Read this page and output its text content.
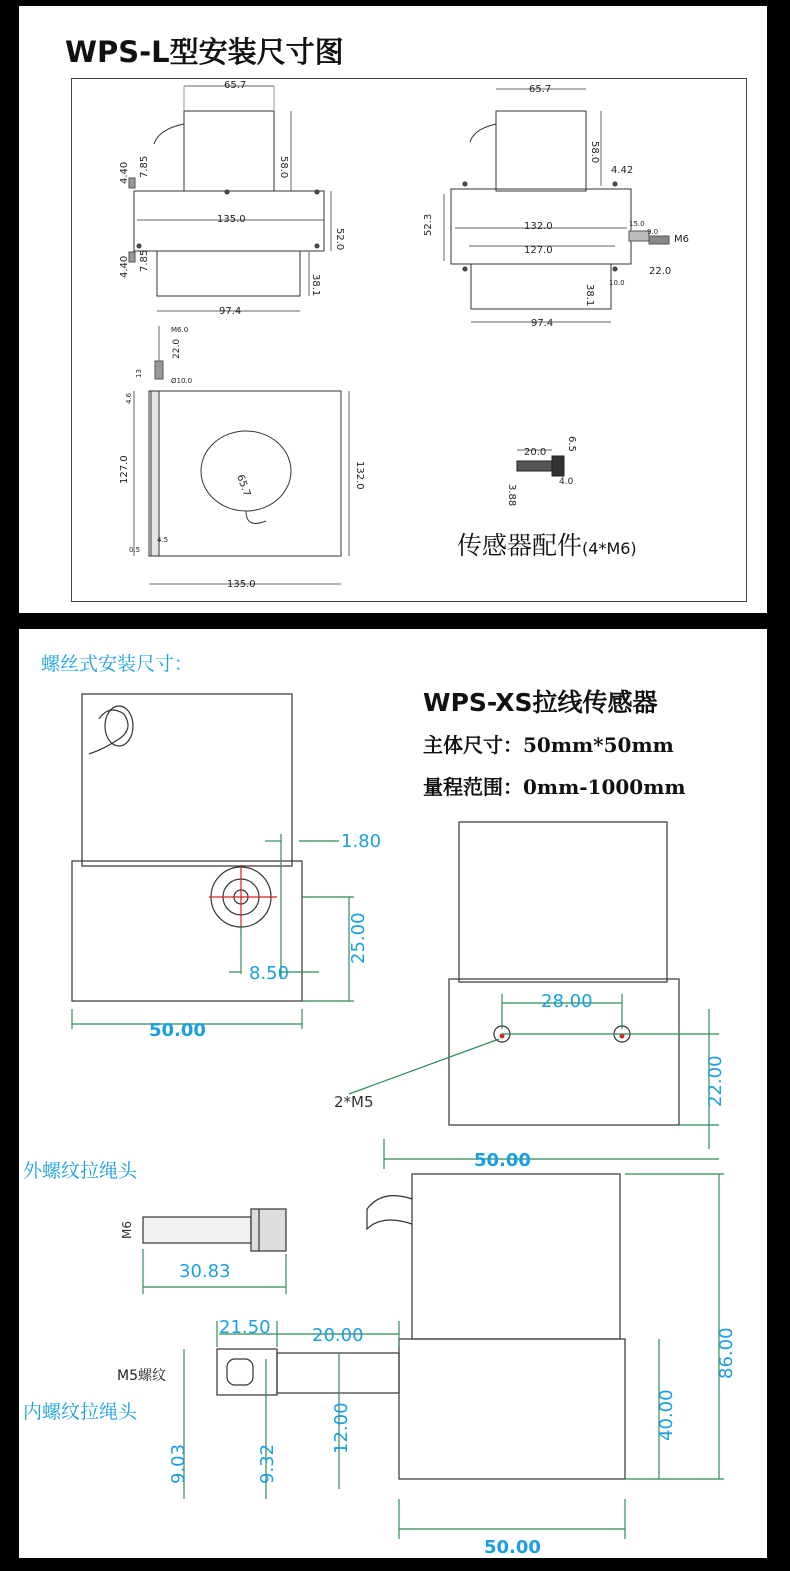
WPS-L型安装尺寸图
65.7
58.0
4.40 7.85
135.0
52.0
4.40 7.85
38.1
97.4
65.7
58.0
4.42
52.3	132.0
127.0
15.0
9.0
M6
10.0
22.0
38.1
97.4
M6.0
22.0
13
Ø10.0
4.6
127.0
65.7	132.0
135.0
4.5
0.5
20.0
6.5
3.88
4.0
传感器配件(4*M6)
螺丝式安装尺寸：
WPS-XS拉线传感器
主体尺寸：50mm*50mm
量程范围：0mm-1000mm
外螺纹拉绳头
内螺纹拉绳头
M5螺纹
1.80
25.00
8.50
50.00
28.00
22.00
2*M5
50.00
M6
30.83
21.50 20.00
9.03	9.32
12.00
86.00
40.00
50.00
